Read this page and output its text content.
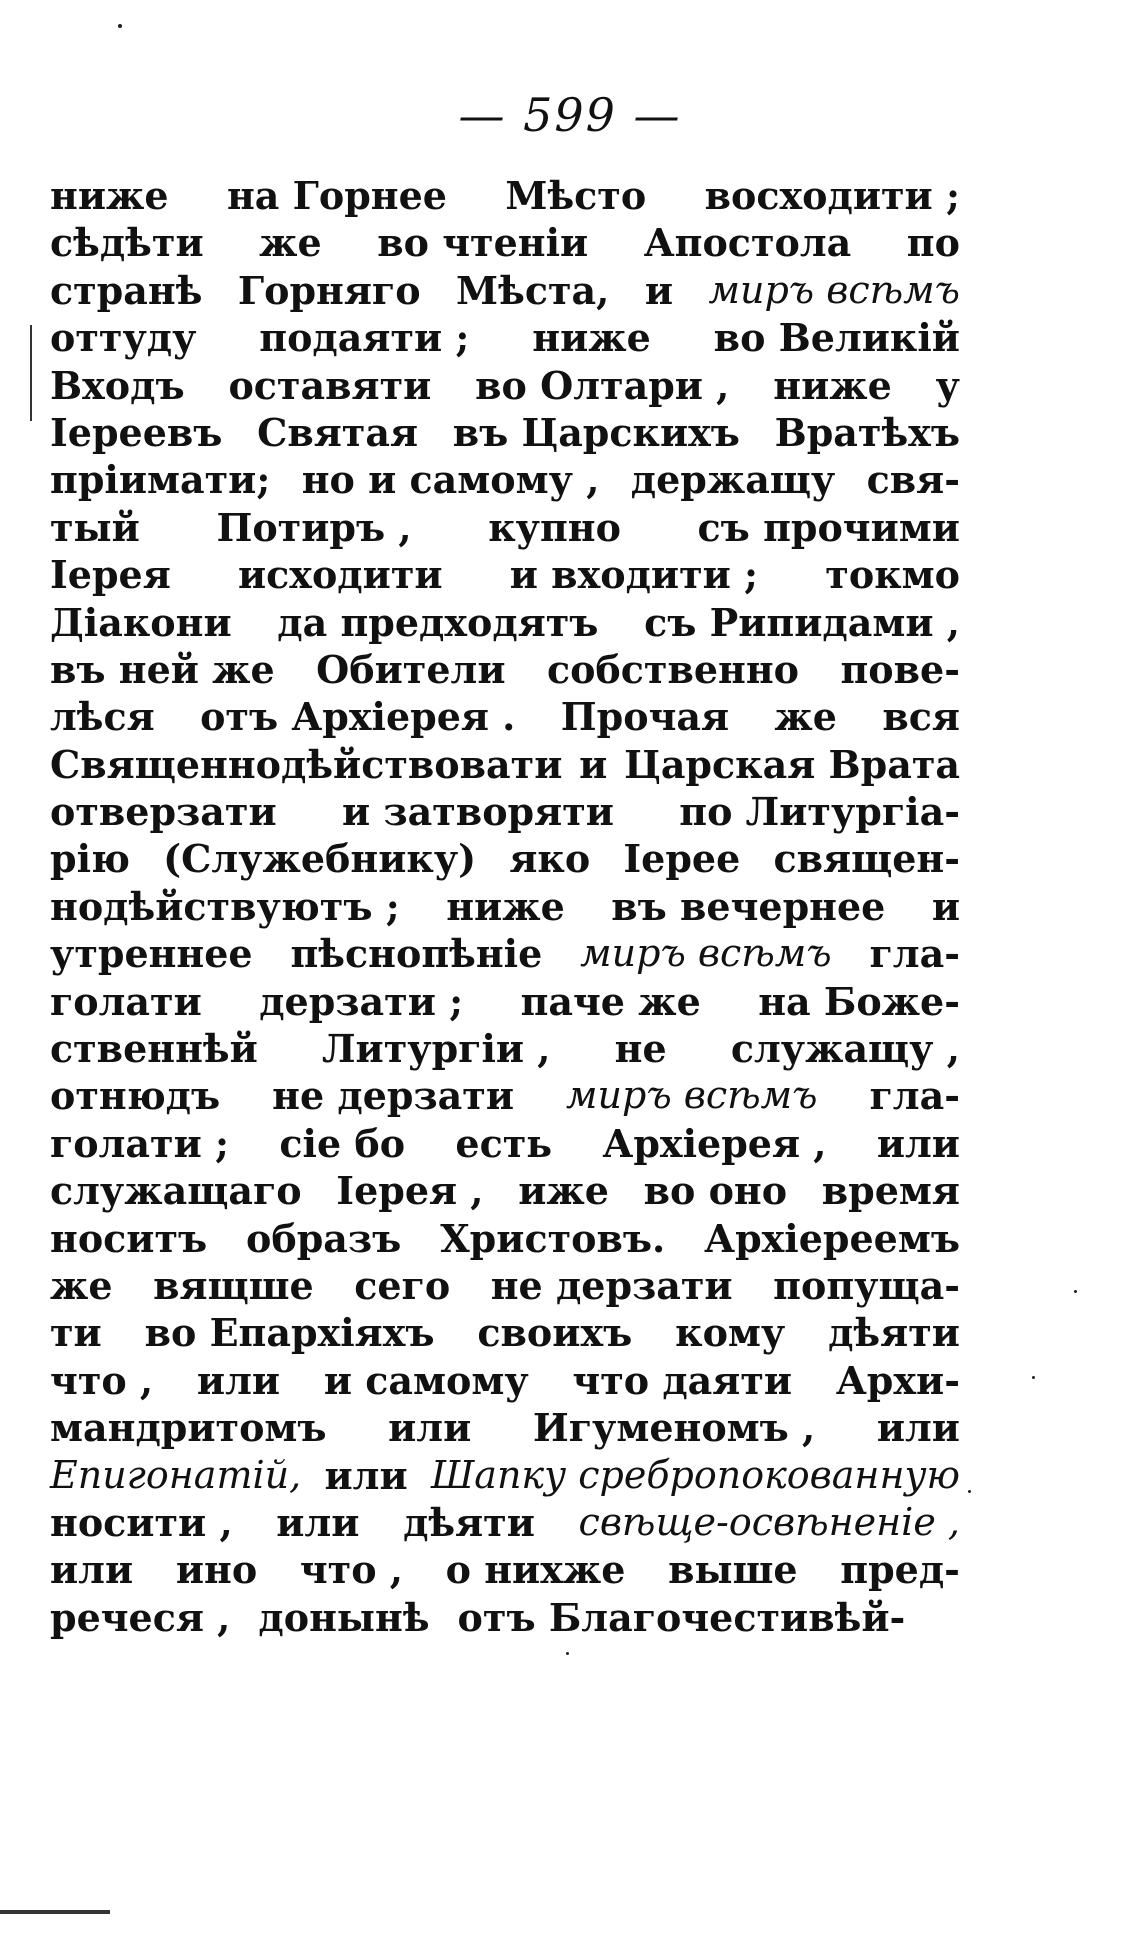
— 599 —
ниже на Горнее Мѣсто восходити ;
сѣдѣти же во чтеніи Апостола по
странѣ Горняго Мѣста, и миръ всѣмъ
оттуду подаяти ; ниже во Великій
Входъ оставяти во Олтари , ниже у
Іереевъ Святая въ Царскихъ Вратѣхъ
пріимати; но и самому , держащу свя-
тый Потиръ , купно съ прочими
Іерея исходити и входити ; токмо
Діакони да предходятъ съ Рипидами ,
въ ней же Обители собственно пове-
лѣся отъ Архіерея . Прочая же вся
Священнодѣйствовати и Царская Врата
отверзати и затворяти по Литургіа-
рію (Служебнику) яко Іерее священ-
нодѣйствуютъ ; ниже въ вечернее и
утреннее пѣснопѣніе миръ всѣмъ гла-
голати дерзати ; паче же на Боже-
ственнѣй Литургіи , не служащу ,
отнюдъ не дерзати миръ всѣмъ гла-
голати ; сіе бо есть Архіерея , или
служащаго Іерея , иже во оно время
носитъ образъ Христовъ. Архіереемъ
же вящше сего не дерзати попуща-
ти во Епархіяхъ своихъ кому дѣяти
что , или и самому что даяти Архи-
мандритомъ или Игуменомъ , или
Епигонатій, или Шапку сребропокованную
носити , или дѣяти свѣще-освѣненіе ,
или ино что , о нихже выше пред-
речеся , донынѣ отъ Благочестивѣй-
